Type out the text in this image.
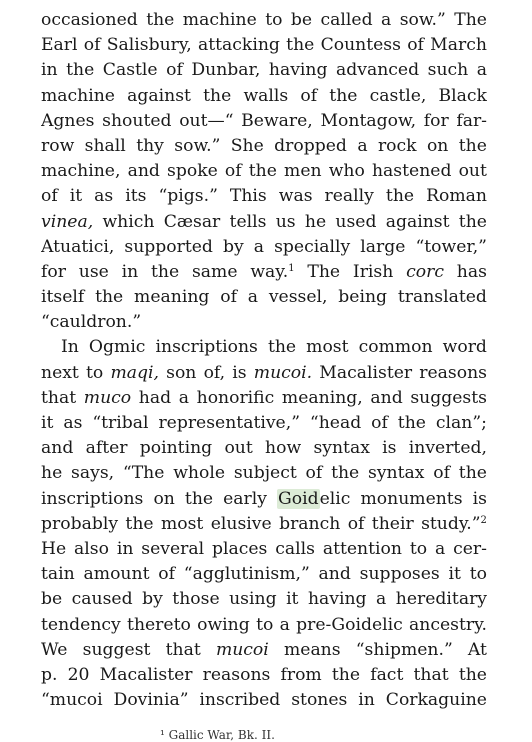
occasioned the machine to be called a sow.” The
Earl of Salisbury, attacking the Countess of March
in the Castle of Dunbar, having advanced such a
machine against the walls of the castle, Black
Agnes shouted out—“ Beware, Montagow, for far-
row shall thy sow.” She dropped a rock on the
machine, and spoke of the men who hastened out
of it as its “pigs.” This was really the Roman
vinea, which Cæsar tells us he used against the
Atuatici, supported by a specially large “tower,”
for use in the same way.$^1$ The Irish corc has
itself the meaning of a vessel, being translated
“cauldron.”
In Ogmic inscriptions the most common word
next to maqi, son of, is mucoi. Macalister reasons
that muco had a honorific meaning, and suggests
it as “tribal representative,” “head of the clan”;
and after pointing out how syntax is inverted,
he says, “The whole subject of the syntax of the
inscriptions on the early Goidelic monuments is
probably the most elusive branch of their study.”$^2$
He also in several places calls attention to a cer-
tain amount of “agglutinism,” and supposes it to
be caused by those using it having a hereditary
tendency thereto owing to a pre-Goidelic ancestry.
We suggest that mucoi means “shipmen.” At
p. 20 Macalister reasons from the fact that the
“mucoi Dovinia” inscribed stones in Corkaguine
¹ Gallic War, Bk. II.
